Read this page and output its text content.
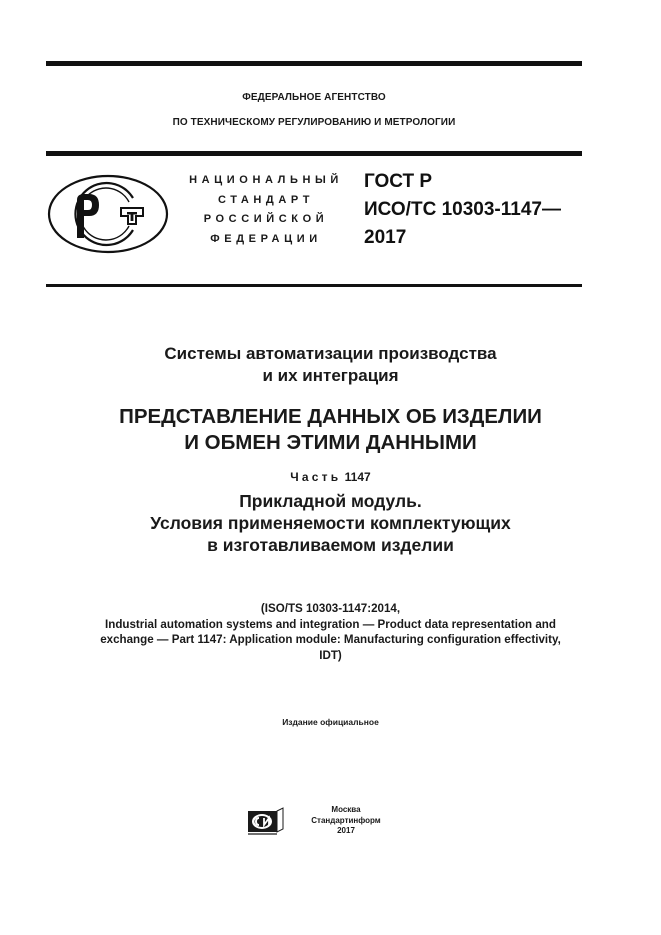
ФЕДЕРАЛЬНОЕ АГЕНТСТВО
ПО ТЕХНИЧЕСКОМУ РЕГУЛИРОВАНИЮ И МЕТРОЛОГИИ
НАЦИОНАЛЬНЫЙ
СТАНДАРТ
РОССИЙСКОЙ
ФЕДЕРАЦИИ
ГОСТ Р
ИСО/ТС 10303-1147—
2017
Системы автоматизации производства
и их интеграция
ПРЕДСТАВЛЕНИЕ ДАННЫХ ОБ ИЗДЕЛИИ
И ОБМЕН ЭТИМИ ДАННЫМИ
Часть 1147
Прикладной модуль.
Условия применяемости комплектующих
в изготавливаемом изделии
(ISO/TS 10303-1147:2014,
Industrial automation systems and integration — Product data representation and
exchange — Part 1147: Application module: Manufacturing configuration effectivity,
IDT)
Издание официальное
Москва
Стандартинформ
2017
